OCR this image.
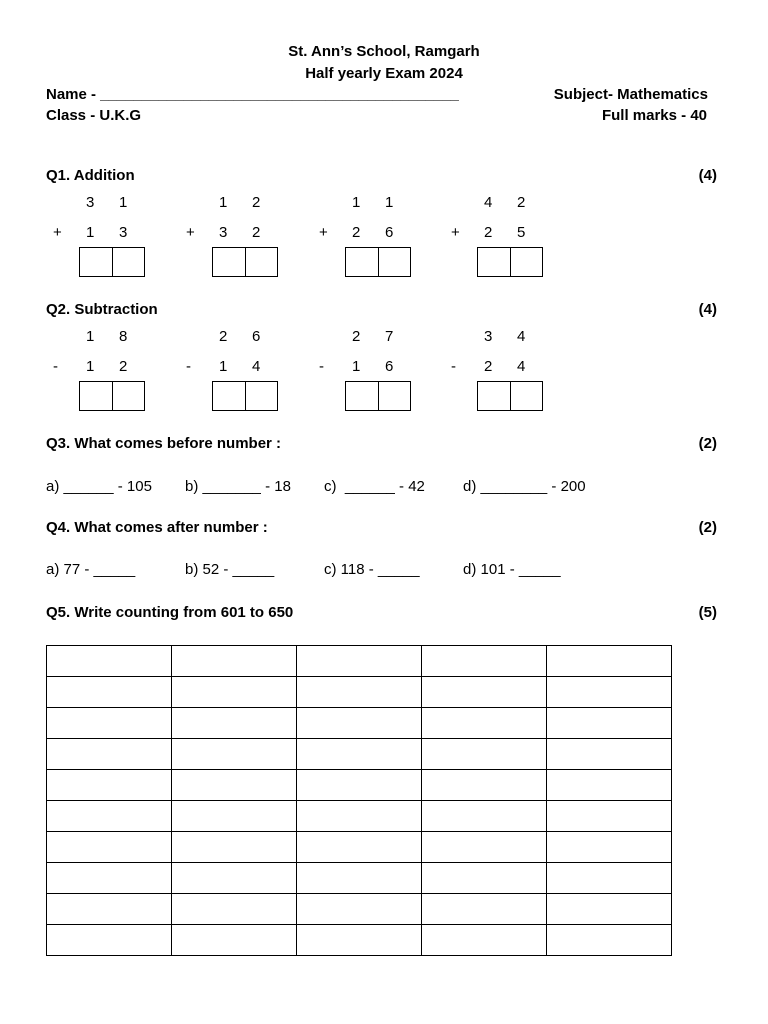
St. Ann’s School, Ramgarh
Half yearly Exam 2024
Name - ___________________________________________	Subject- Mathematics
Class - U.K.G	Full marks - 40
Q1. Addition	(4)
3 1
+ 1 3
1 2
+ 3 2
1 1
+ 2 6
4 2
+ 2 5
Q2. Subtraction	(4)
1 8
- 1 2
2 6
- 1 4
2 7
- 1 6
3 4
- 2 4
Q3. What comes before number :	(2)
a) ______ - 105 b) _______ - 18 c)  ______ - 42	d) ________ - 200
Q4. What comes after number :	(2)
a) 77 - _____	b) 52 - _____	c) 118 - _____	d) 101 - _____
Q5. Write counting from 601 to 650	(5)
